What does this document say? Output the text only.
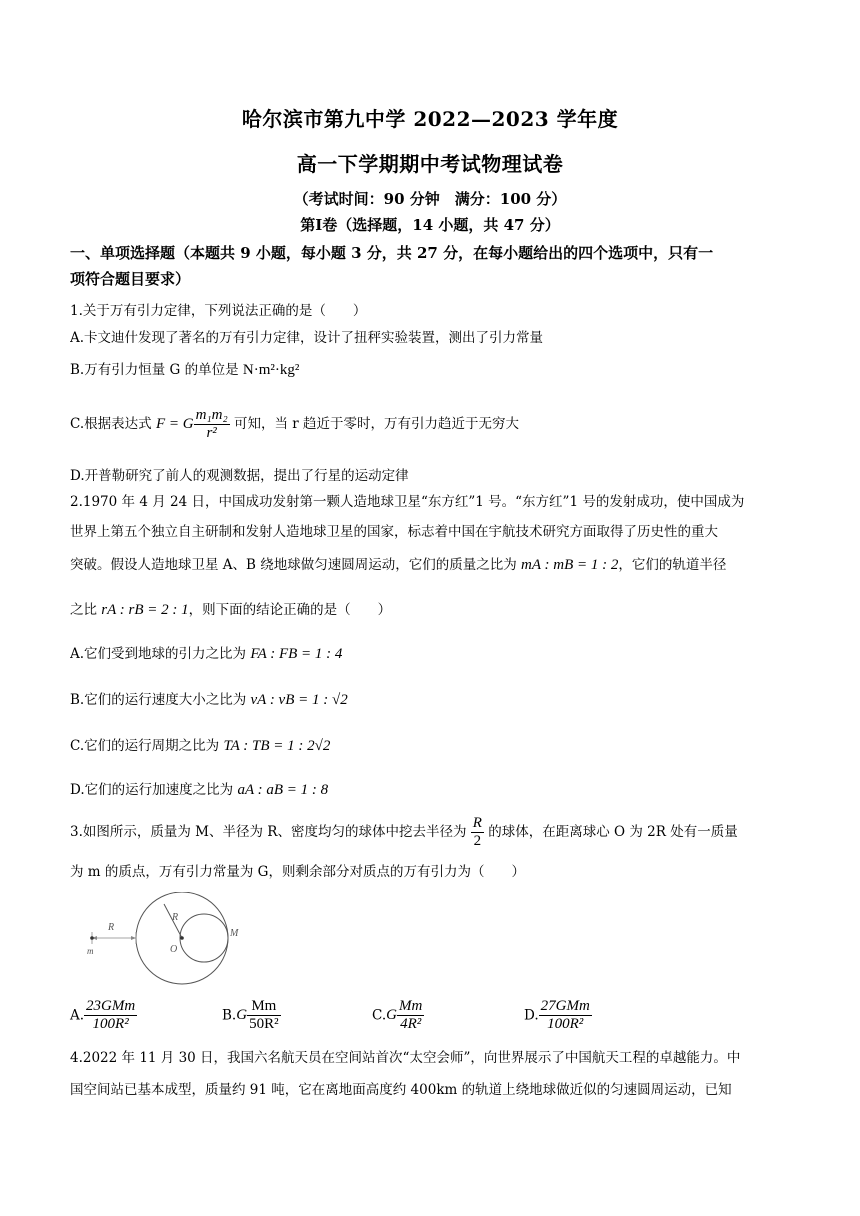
哈尔滨市第九中学 2022—2023 学年度
高一下学期期中考试物理试卷
（考试时间：90 分钟　满分：100 分）
第Ⅰ卷（选择题，14 小题，共 47 分）
一、单项选择题（本题共 9 小题，每小题 3 分，共 27 分，在每小题给出的四个选项中，只有一
项符合题目要求）
1.关于万有引力定律，下列说法正确的是（　　）
A.卡文迪什发现了著名的万有引力定律，设计了扭秤实验装置，测出了引力常量
B.万有引力恒量 G 的单位是 N·m²·kg²
C.根据表达式 F = G $\frac{\text{m₁m₂}}{\text{r²}}$ 可知，当 r 趋近于零时，万有引力趋近于无穷大
D.开普勒研究了前人的观测数据，提出了行星的运动定律
2.1970 年 4 月 24 日，中国成功发射第一颗人造地球卫星“东方红”1 号。“东方红”1 号的发射成功，使中国成为
世界上第五个独立自主研制和发射人造地球卫星的国家，标志着中国在宇航技术研究方面取得了历史性的重大
突破。假设人造地球卫星 A、B 绕地球做匀速圆周运动，它们的质量之比为 mA : mB = 1 : 2，它们的轨道半径
之比 rA : rB = 2 : 1，则下面的结论正确的是（　　）
A.它们受到地球的引力之比为 FA : FB = 1 : 4
B.它们的运行速度大小之比为 vA : vB = 1 : √2
C.它们的运行周期之比为 TA : TB = 1 : 2√2
D.它们的运行加速度之比为 aA : aB = 1 : 8
3.如图所示，质量为 M、半径为 R、密度均匀的球体中挖去半径为 $\frac{R}{2}$ 的球体，在距离球心 O 为 2R 处有一质量
为 m 的质点，万有引力常量为 G，则剩余部分对质点的万有引力为（　　）
R
R
m	O
M
A. $\frac{\text{23GMm}}{\text{100R²}}$	$B.G \frac{Mm}{\text{50R²}}$	$C.G \frac{Mm}{\text{4R²}}$	D. $\frac{\text{27GMm}}{\text{100R²}}$
4.2022 年 11 月 30 日，我国六名航天员在空间站首次“太空会师”，向世界展示了中国航天工程的卓越能力。中
国空间站已基本成型，质量约 91 吨，它在离地面高度约 400km 的轨道上绕地球做近似的匀速圆周运动，已知
